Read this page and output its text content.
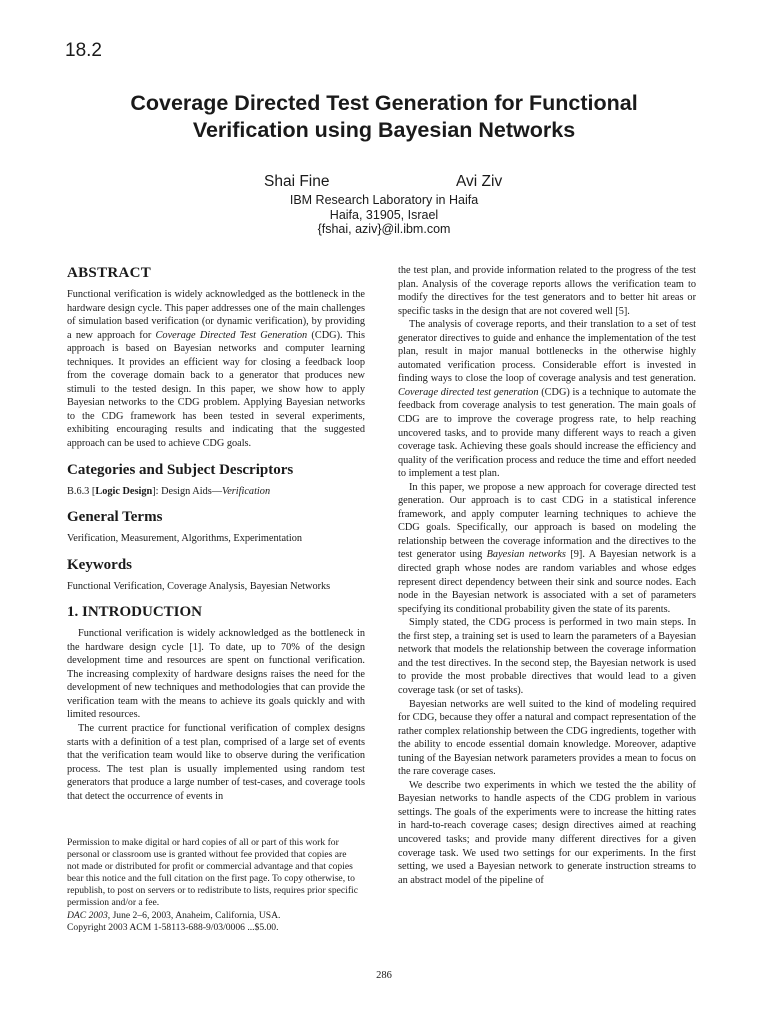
18.2
Coverage Directed Test Generation for Functional
Verification using Bayesian Networks
Shai Fine	Avi Ziv
IBM Research Laboratory in Haifa
Haifa, 31905, Israel
{fshai, aziv}@il.ibm.com
ABSTRACT

Functional verification is widely acknowledged as the bottleneck in the hardware design cycle. This paper addresses one of the main challenges of simulation based verification (or dynamic verification), by providing a new approach for Coverage Directed Test Generation (CDG). This approach is based on Bayesian networks and computer learning techniques. It provides an efficient way for closing a feedback loop from the coverage domain back to a generator that produces new stimuli to the tested design. In this paper, we show how to apply Bayesian networks to the CDG problem. Applying Bayesian networks to the CDG framework has been tested in several experiments, exhibiting encouraging results and indicating that the suggested approach can be used to achieve CDG goals.

Categories and Subject Descriptors

B.6.3 [Logic Design]: Design Aids—Verification

General Terms

Verification, Measurement, Algorithms, Experimentation

Keywords

Functional Verification, Coverage Analysis, Bayesian Networks

1. INTRODUCTION

Functional verification is widely acknowledged as the bottleneck in the hardware design cycle [1]. To date, up to 70% of the design development time and resources are spent on functional verification. The increasing complexity of hardware designs raises the need for the development of new techniques and methodologies that can provide the verification team with the means to achieve its goals quickly and with limited resources.

The current practice for functional verification of complex designs starts with a definition of a test plan, comprised of a large set of events that the verification team would like to observe during the verification process. The test plan is usually implemented using random test generators that produce a large number of test-cases, and coverage tools that detect the occurrence of events in

Permission to make digital or hard copies of all or part of this work for
personal or classroom use is granted without fee provided that copies are
not made or distributed for profit or commercial advantage and that copies
bear this notice and the full citation on the first page. To copy otherwise, to
republish, to post on servers or to redistribute to lists, requires prior specific
permission and/or a fee.
DAC 2003, June 2–6, 2003, Anaheim, California, USA.
Copyright 2003 ACM 1-58113-688-9/03/0006 ...$5.00.

the test plan, and provide information related to the progress of the test plan. Analysis of the coverage reports allows the verification team to modify the directives for the test generators and to better hit areas or specific tasks in the design that are not covered well [5].

The analysis of coverage reports, and their translation to a set of test generator directives to guide and enhance the implementation of the test plan, result in major manual bottlenecks in the otherwise highly automated verification process. Considerable effort is invested in finding ways to close the loop of coverage analysis and test generation. Coverage directed test generation (CDG) is a technique to automate the feedback from coverage analysis to test generation. The main goals of CDG are to improve the coverage progress rate, to help reaching uncovered tasks, and to provide many different ways to reach a given coverage task. Achieving these goals should increase the efficiency and quality of the verification process and reduce the time and effort needed to implement a test plan.

In this paper, we propose a new approach for coverage directed test generation. Our approach is to cast CDG in a statistical inference framework, and apply computer learning techniques to achieve the CDG goals. Specifically, our approach is based on modeling the relationship between the coverage information and the directives to the test generator using Bayesian networks [9]. A Bayesian network is a directed graph whose nodes are random variables and whose edges represent direct dependency between their sink and source nodes. Each node in the Bayesian network is associated with a set of parameters specifying its conditional probability given the state of its parents.

Simply stated, the CDG process is performed in two main steps. In the first step, a training set is used to learn the parameters of a Bayesian network that models the relationship between the coverage information and the test directives. In the second step, the Bayesian network is used to provide the most probable directives that would lead to a given coverage task (or set of tasks).

Bayesian networks are well suited to the kind of modeling required for CDG, because they offer a natural and compact representation of the rather complex relationship between the CDG ingredients, together with the ability to encode essential domain knowledge. Moreover, adaptive tuning of the Bayesian network parameters provides a mean to focus on the rare coverage cases.

We describe two experiments in which we tested the the ability of Bayesian networks to handle aspects of the CDG problem in various settings. The goals of the experiments were to increase the hitting rates in hard-to-reach coverage cases; design directives aimed at reaching uncovered tasks; and provide many different directives for a given coverage task. We used two settings for our experiments. In the first setting, we used a Bayesian network to generate instruction streams to an abstract model of the pipeline of

286
